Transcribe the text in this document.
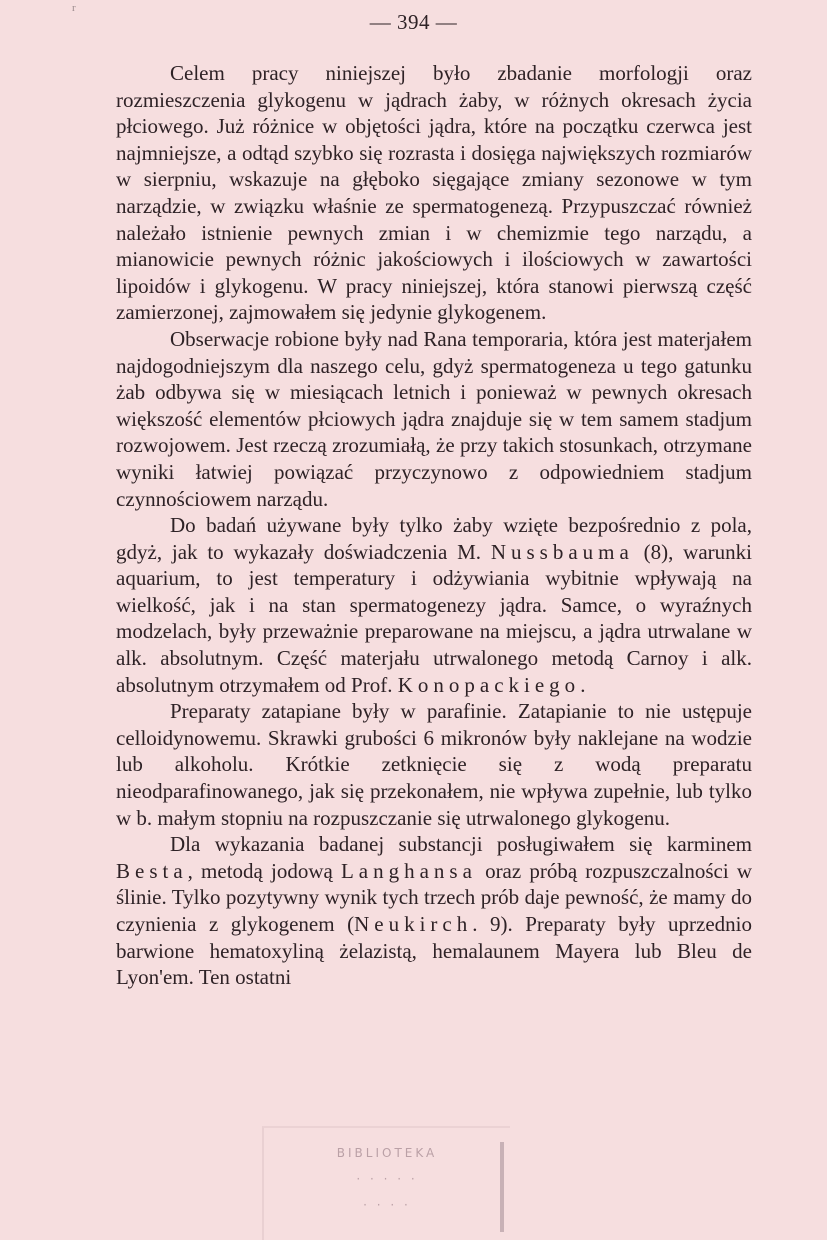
r
— 394 —

Celem pracy niniejszej było zbadanie morfologji oraz rozmieszczenia glykogenu w jądrach żaby, w różnych okresach życia płciowego. Już różnice w objętości jądra, które na początku czerwca jest najmniejsze, a odtąd szybko się rozrasta i dosięga największych rozmiarów w sierpniu, wskazuje na głęboko sięgające zmiany sezonowe w tym narządzie, w związku właśnie ze spermatogenezą. Przypuszczać również należało istnienie pewnych zmian i w chemizmie tego narządu, a mianowicie pewnych różnic jakościowych i ilościowych w zawartości lipoidów i glykogenu. W pracy niniejszej, która stanowi pierwszą część zamierzonej, zajmowałem się jedynie glykogenem.

Obserwacje robione były nad Rana temporaria, która jest materjałem najdogodniejszym dla naszego celu, gdyż spermatogeneza u tego gatunku żab odbywa się w miesiącach letnich i ponieważ w pewnych okresach większość elementów płciowych jądra znajduje się w tem samem stadjum rozwojowem. Jest rzeczą zrozumiałą, że przy takich stosunkach, otrzymane wyniki łatwiej powiązać przyczynowo z odpowiedniem stadjum czynnościowem narządu.

Do badań używane były tylko żaby wzięte bezpośrednio z pola, gdyż, jak to wykazały doświadczenia M. Nussbauma (8), warunki aquarium, to jest temperatury i odżywiania wybitnie wpływają na wielkość, jak i na stan spermatogenezy jądra. Samce, o wyraźnych modzelach, były przeważnie preparowane na miejscu, a jądra utrwalane w alk. absolutnym. Część materjału utrwalonego metodą Carnoy i alk. absolutnym otrzymałem od Prof. Konopackiego.

Preparaty zatapiane były w parafinie. Zatapianie to nie ustępuje celloidynowemu. Skrawki grubości 6 mikronów były naklejane na wodzie lub alkoholu. Krótkie zetknięcie się z wodą preparatu nieodparafinowanego, jak się przekonałem, nie wpływa zupełnie, lub tylko w b. małym stopniu na rozpuszczanie się utrwalonego glykogenu.

Dla wykazania badanej substancji posługiwałem się karminem Besta, metodą jodową Langhansa oraz próbą rozpuszczalności w ślinie. Tylko pozytywny wynik tych trzech prób daje pewność, że mamy do czynienia z glykogenem (Neukirch. 9). Preparaty były uprzednio barwione hematoxyliną żelazistą, hemalaunem Mayera lub Bleu de Lyon'em. Ten ostatni

BIBLIOTEKA
· · · · ·
· · · ·
